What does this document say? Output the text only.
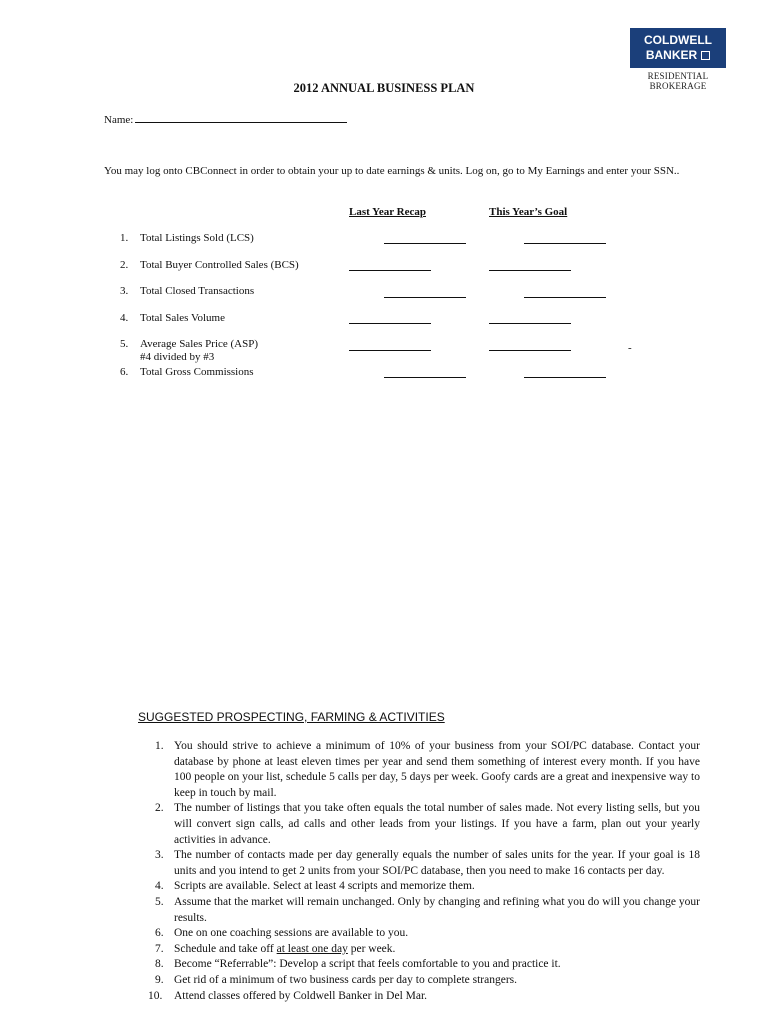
COLDWELL
BANKER
RESIDENTIAL BROKERAGE
2012 ANNUAL BUSINESS PLAN
Name:
You may log onto CBConnect in order to obtain your up to date earnings & units. Log on, go to My Earnings and enter your SSN..
Last Year Recap	This Year’s Goal
1. Total Listings Sold (LCS)
2. Total Buyer Controlled Sales (BCS)
3. Total Closed Transactions
4. Total Sales Volume
5. Average Sales Price (ASP)
#4 divided by #3
6. Total Gross Commissions
-
SUGGESTED PROSPECTING, FARMING & ACTIVITIES
1. You should strive to achieve a minimum of 10% of your business from your SOI/PC database. Contact your database by phone at least eleven times per year and send them something of interest every month. If you have 100 people on your list, schedule 5 calls per day, 5 days per week. Goofy cards are a great and inexpensive way to keep in touch by mail.
2. The number of listings that you take often equals the total number of sales made. Not every listing sells, but you will convert sign calls, ad calls and other leads from your listings. If you have a farm, plan out your yearly activities in advance.
3. The number of contacts made per day generally equals the number of sales units for the year. If your goal is 18 units and you intend to get 2 units from your SOI/PC database, then you need to make 16 contacts per day.
4. Scripts are available. Select at least 4 scripts and memorize them.
5. Assume that the market will remain unchanged. Only by changing and refining what you do will you change your results.
6. One on one coaching sessions are available to you.
7. Schedule and take off at least one day per week.
8. Become “Referrable”: Develop a script that feels comfortable to you and practice it.
9. Get rid of a minimum of two business cards per day to complete strangers.
10. Attend classes offered by Coldwell Banker in Del Mar.
